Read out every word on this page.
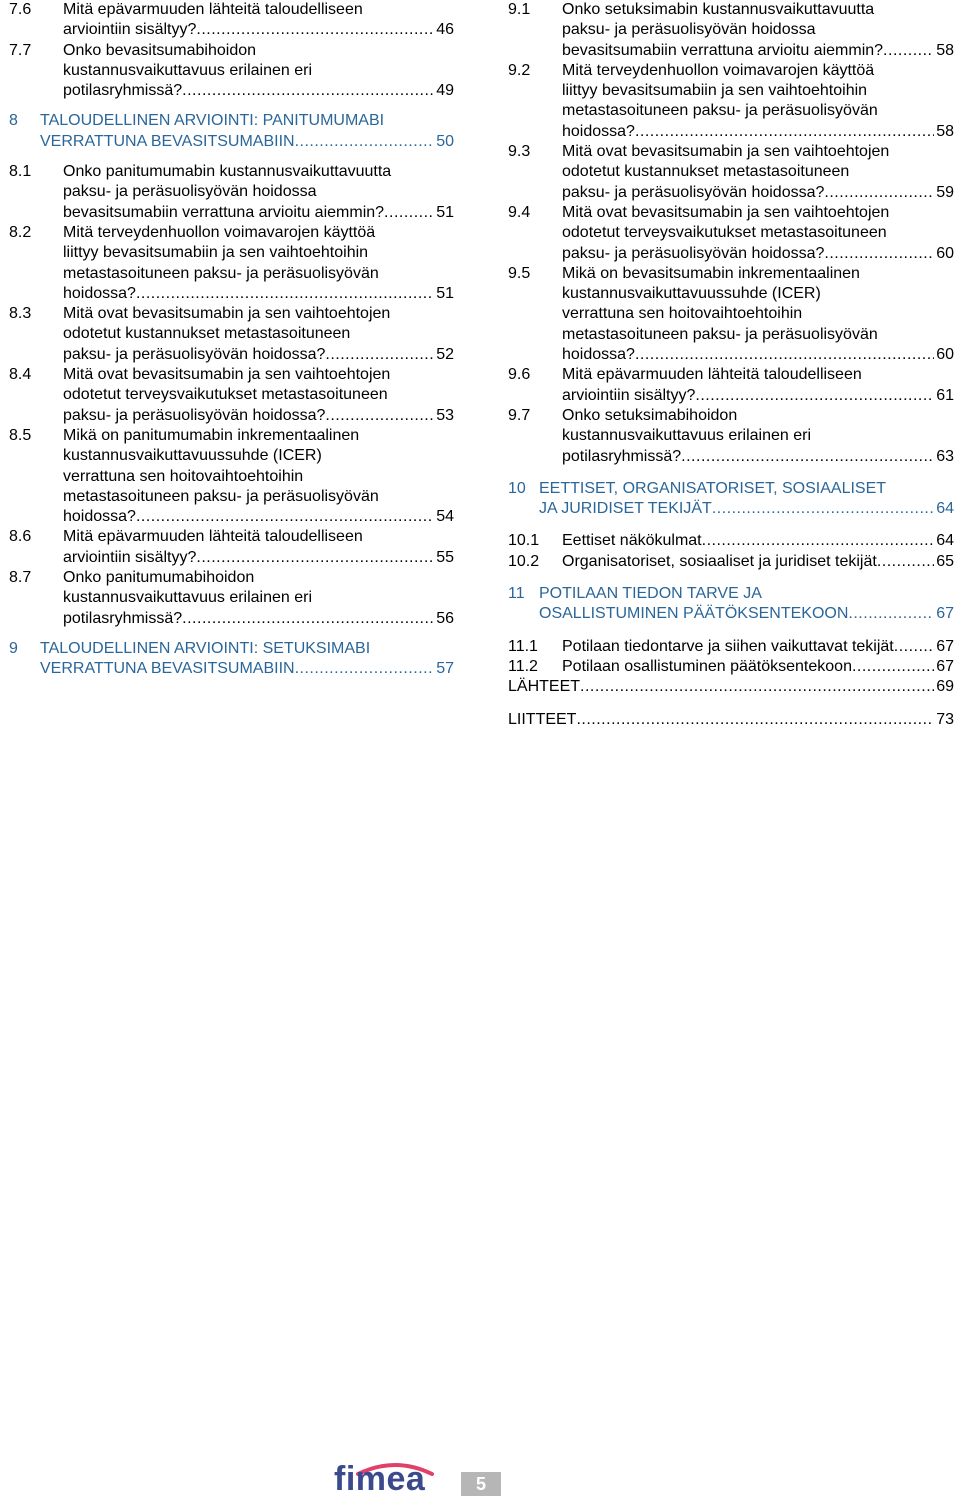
7.6	Mitä epävarmuuden lähteitä taloudelliseen
arviointiin sisältyy? .....	46
7.7	Onko bevasitsumabihoidon
kustannusvaikuttavuus erilainen eri
potilasryhmissä? .....	49
8	TALOUDELLINEN ARVIOINTI: PANITUMUMABI
VERRATTUNA BEVASITSUMABIIN .....	50
8.1	Onko panitumumabin kustannusvaikuttavuutta
paksu- ja peräsuolisyövän hoidossa
bevasitsumabiin verrattuna arvioitu aiemmin? .....	51
8.2	Mitä terveydenhuollon voimavarojen käyttöä
liittyy bevasitsumabiin ja sen vaihtoehtoihin
metastasoituneen paksu- ja peräsuolisyövän
hoidossa? .....	51
8.3	Mitä ovat bevasitsumabin ja sen vaihtoehtojen
odotetut kustannukset metastasoituneen
paksu- ja peräsuolisyövän hoidossa? .....	52
8.4	Mitä ovat bevasitsumabin ja sen vaihtoehtojen
odotetut terveysvaikutukset metastasoituneen
paksu- ja peräsuolisyövän hoidossa? .....	53
8.5	Mikä on panitumumabin inkrementaalinen
kustannusvaikuttavuussuhde (ICER)
verrattuna sen hoitovaihtoehtoihin
metastasoituneen paksu- ja peräsuolisyövän
hoidossa? .....	54
8.6	Mitä epävarmuuden lähteitä taloudelliseen
arviointiin sisältyy? .....	55
8.7	Onko panitumumabihoidon
kustannusvaikuttavuus erilainen eri
potilasryhmissä? .....	56
9	TALOUDELLINEN ARVIOINTI: SETUKSIMABI
VERRATTUNA BEVASITSUMABIIN .....	57
9.1	Onko setuksimabin kustannusvaikuttavuutta
paksu- ja peräsuolisyövän hoidossa
bevasitsumabiin verrattuna arvioitu aiemmin? .....	58
9.2	Mitä terveydenhuollon voimavarojen käyttöä
liittyy bevasitsumabiin ja sen vaihtoehtoihin
metastasoituneen paksu- ja peräsuolisyövän
hoidossa? .....	58
9.3	Mitä ovat bevasitsumabin ja sen vaihtoehtojen
odotetut kustannukset metastasoituneen
paksu- ja peräsuolisyövän hoidossa? .....	59
9.4	Mitä ovat bevasitsumabin ja sen vaihtoehtojen
odotetut terveysvaikutukset metastasoituneen
paksu- ja peräsuolisyövän hoidossa? .....	60
9.5	Mikä on bevasitsumabin inkrementaalinen
kustannusvaikuttavuussuhde (ICER)
verrattuna sen hoitovaihtoehtoihin
metastasoituneen paksu- ja peräsuolisyövän
hoidossa? .....	60
9.6	Mitä epävarmuuden lähteitä taloudelliseen
arviointiin sisältyy? .....	61
9.7	Onko setuksimabihoidon
kustannusvaikuttavuus erilainen eri
potilasryhmissä? .....	63
10 EETTISET, ORGANISATORISET, SOSIAALISET
JA JURIDISET TEKIJÄT .....	64
10.1	Eettiset näkökulmat .....	64
10.2	Organisatoriset, sosiaaliset ja juridiset tekijät .....	65
11 POTILAAN TIEDON TARVE JA
OSALLISTUMINEN PÄÄTÖKSENTEKOON .....	67
11.1	Potilaan tiedontarve ja siihen vaikuttavat tekijät .....	67
11.2	Potilaan osallistuminen päätöksentekoon .....	67
LÄHTEET .....	69
LIITTEET .....	73
fimea	5
